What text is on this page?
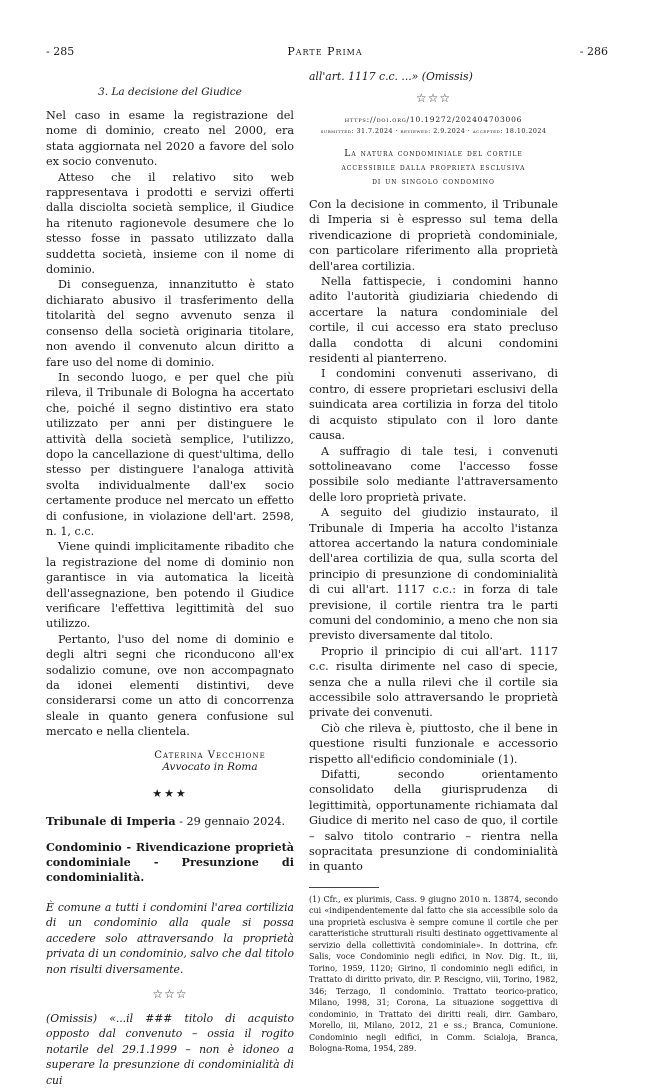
- 285	Parte Prima	- 286
3. La decisione del Giudice

Nel caso in esame la registrazione del nome di dominio, creato nel 2000, era stata aggiornata nel 2020 a favore del solo ex socio convenuto.

Atteso che il relativo sito web rappresentava i prodotti e servizi offerti dalla disciolta società semplice, il Giudice ha ritenuto ragionevole desumere che lo stesso fosse in passato utilizzato dalla suddetta società, insieme con il nome di dominio.

Di conseguenza, innanzitutto è stato dichiarato abusivo il trasferimento della titolarità del segno avvenuto senza il consenso della società originaria titolare, non avendo il convenuto alcun diritto a fare uso del nome di dominio.

In secondo luogo, e per quel che più rileva, il Tribunale di Bologna ha accertato che, poiché il segno distintivo era stato utilizzato per anni per distinguere le attività della società semplice, l'utilizzo, dopo la cancellazione di quest'ultima, dello stesso per distinguere l'analoga attività svolta individualmente dall'ex socio certamente produce nel mercato un effetto di confusione, in violazione dell'art. 2598, n. 1, c.c.

Viene quindi implicitamente ribadito che la registrazione del nome di dominio non garantisce in via automatica la liceità dell'assegnazione, ben potendo il Giudice verificare l'effettiva legittimità del suo utilizzo.

Pertanto, l'uso del nome di dominio e degli altri segni che riconducono all'ex sodalizio comune, ove non accompagnato da idonei elementi distintivi, deve considerarsi come un atto di concorrenza sleale in quanto genera confusione sul mercato e nella clientela.

Caterina Vecchione
Avvocato in Roma
★★★

Tribunale di Imperia - 29 gennaio 2024.

Condominio - Rivendicazione proprietà condominiale - Presunzione di condominialità.

È comune a tutti i condomini l'area cortilizia di un condominio alla quale si possa accedere solo attraversando la proprietà privata di un condominio, salvo che dal titolo non risulti diversamente.

☆☆☆

(Omissis) «...il ### titolo di acquisto opposto dal convenuto – ossia il rogito notarile del 29.1.1999 – non è idoneo a superare la presunzione di condominialità di cui

all'art. 1117 c.c. ...» (Omissis)

☆☆☆
https://doi.org/10.19272/202404703006
submitted: 31.7.2024 · reviewed: 2.9.2024 · accepted: 18.10.2024
La natura condominiale del cortile
accessibile dalla proprietà esclusiva
di un singolo condomino

Con la decisione in commento, il Tribunale di Imperia si è espresso sul tema della rivendicazione di proprietà condominiale, con particolare riferimento alla proprietà dell'area cortilizia.

Nella fattispecie, i condomini hanno adito l'autorità giudiziaria chiedendo di accertare la natura condominiale del cortile, il cui accesso era stato precluso dalla condotta di alcuni condomini residenti al pianterreno.

I condomini convenuti asserivano, di contro, di essere proprietari esclusivi della suindicata area cortilizia in forza del titolo di acquisto stipulato con il loro dante causa.

A suffragio di tale tesi, i convenuti sottolineavano come l'accesso fosse possibile solo mediante l'attraversamento delle loro proprietà private.

A seguito del giudizio instaurato, il Tribunale di Imperia ha accolto l'istanza attorea accertando la natura condominiale dell'area cortilizia de qua, sulla scorta del principio di presunzione di condominialità di cui all'art. 1117 c.c.: in forza di tale previsione, il cortile rientra tra le parti comuni del condominio, a meno che non sia previsto diversamente dal titolo.

Proprio il principio di cui all'art. 1117 c.c. risulta dirimente nel caso di specie, senza che a nulla rilevi che il cortile sia accessibile solo attraversando le proprietà private dei convenuti.

Ciò che rileva è, piuttosto, che il bene in questione risulti funzionale e accessorio rispetto all'edificio condominiale (1).

Difatti, secondo orientamento consolidato della giurisprudenza di legittimità, opportunamente richiamata dal Giudice di merito nel caso de quo, il cortile – salvo titolo contrario – rientra nella sopracitata presunzione di condominialità in quanto

(1) Cfr., ex plurimis, Cass. 9 giugno 2010 n. 13874, secondo cui «indipendentemente dal fatto che sia accessibile solo da una proprietà esclusiva è sempre comune il cortile che per caratteristiche strutturali risulti destinato oggettivamente al servizio della collettività condominiale». In dottrina, cfr. Salis, voce Condominio negli edifici, in Nov. Dig. It., iii, Torino, 1959, 1120; Girino, Il condominio negli edifici, in Trattato di diritto privato, dir. P. Rescigno, viii, Torino, 1982, 346; Terzago, Il condominio. Trattato teorico-pratico, Milano, 1998, 31; Corona, La situazione soggettiva di condominio, in Trattato dei diritti reali, dirr. Gambaro, Morello, iii, Milano, 2012, 21 e ss.; Branca, Comunione. Condominio negli edifici, in Comm. Scialoja, Branca, Bologna-Roma, 1954, 289.
